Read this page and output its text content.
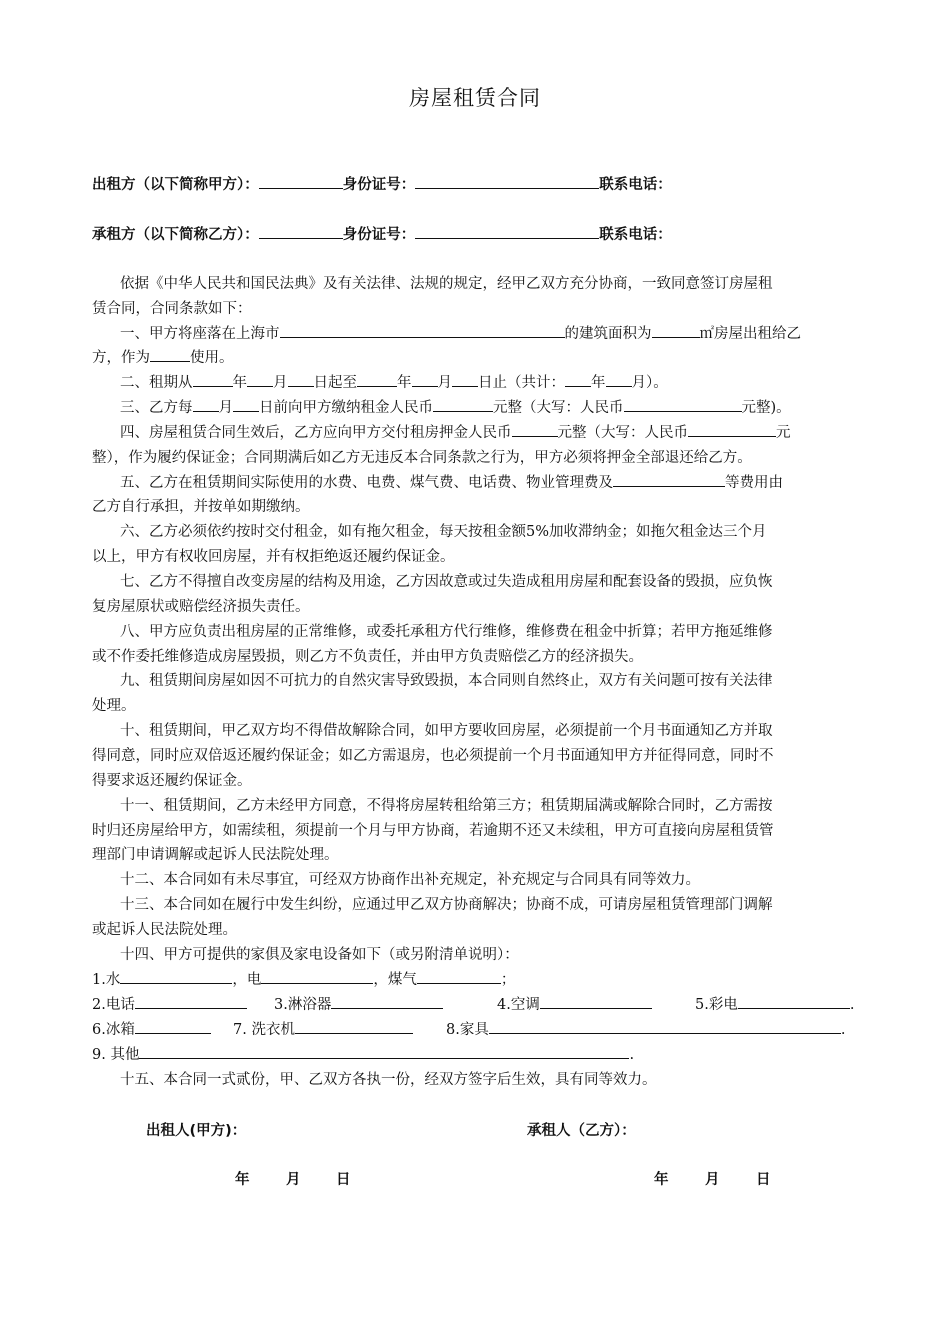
房屋租赁合同
出租方（以下简称甲方）：	身份证号：	联系电话：
承租方（以下简称乙方）：	身份证号：	联系电话：
依据《中华人民共和国民法典》及有关法律、法规的规定，经甲乙双方充分协商，一致同意签订房屋租
赁合同，合同条款如下：
一、甲方将座落在上海市	的建筑面积为	㎡房屋出租给乙
方，作为	使用。
二、租期从	年 月 日起至	年 月 日止（共计： 年 月）。
三、乙方每 月 日前向甲方缴纳租金人民币	元整（大写：人民币	元整)。
四、房屋租赁合同生效后，乙方应向甲方交付租房押金人民币	元整（大写：人民币	元
整），作为履约保证金；合同期满后如乙方无违反本合同条款之行为，甲方必须将押金全部退还给乙方。
五、乙方在租赁期间实际使用的水费、电费、煤气费、电话费、物业管理费及	等费用由
乙方自行承担，并按单如期缴纳。
六、乙方必须依约按时交付租金，如有拖欠租金，每天按租金额5%加收滞纳金；如拖欠租金达三个月
以上，甲方有权收回房屋，并有权拒绝返还履约保证金。
七、乙方不得擅自改变房屋的结构及用途，乙方因故意或过失造成租用房屋和配套设备的毁损，应负恢
复房屋原状或赔偿经济损失责任。
八、甲方应负责出租房屋的正常维修，或委托承租方代行维修，维修费在租金中折算；若甲方拖延维修
或不作委托维修造成房屋毁损，则乙方不负责任，并由甲方负责赔偿乙方的经济损失。
九、租赁期间房屋如因不可抗力的自然灾害导致毁损，本合同则自然终止，双方有关问题可按有关法律
处理。
十、租赁期间，甲乙双方均不得借故解除合同，如甲方要收回房屋，必须提前一个月书面通知乙方并取
得同意，同时应双倍返还履约保证金；如乙方需退房，也必须提前一个月书面通知甲方并征得同意，同时不
得要求返还履约保证金。
十一、租赁期间，乙方未经甲方同意，不得将房屋转租给第三方；租赁期届满或解除合同时，乙方需按
时归还房屋给甲方，如需续租，须提前一个月与甲方协商，若逾期不还又未续租，甲方可直接向房屋租赁管
理部门申请调解或起诉人民法院处理。
十二、本合同如有未尽事宜，可经双方协商作出补充规定，补充规定与合同具有同等效力。
十三、本合同如在履行中发生纠纷，应通过甲乙双方协商解决；协商不成，可请房屋租赁管理部门调解
或起诉人民法院处理。
十四、甲方可提供的家俱及家电设备如下（或另附清单说明）：
1.水	，电	，煤气	；
2.电话	3.淋浴器	4.空调	5.彩电	.
6.冰箱	7. 洗衣机	8.家具	.
9. 其他	.
十五、本合同一式贰份，甲、乙双方各执一份，经双方签字后生效，具有同等效力。
出租人(甲方)：	承租人（乙方）：
年	月 日	年	月	日
